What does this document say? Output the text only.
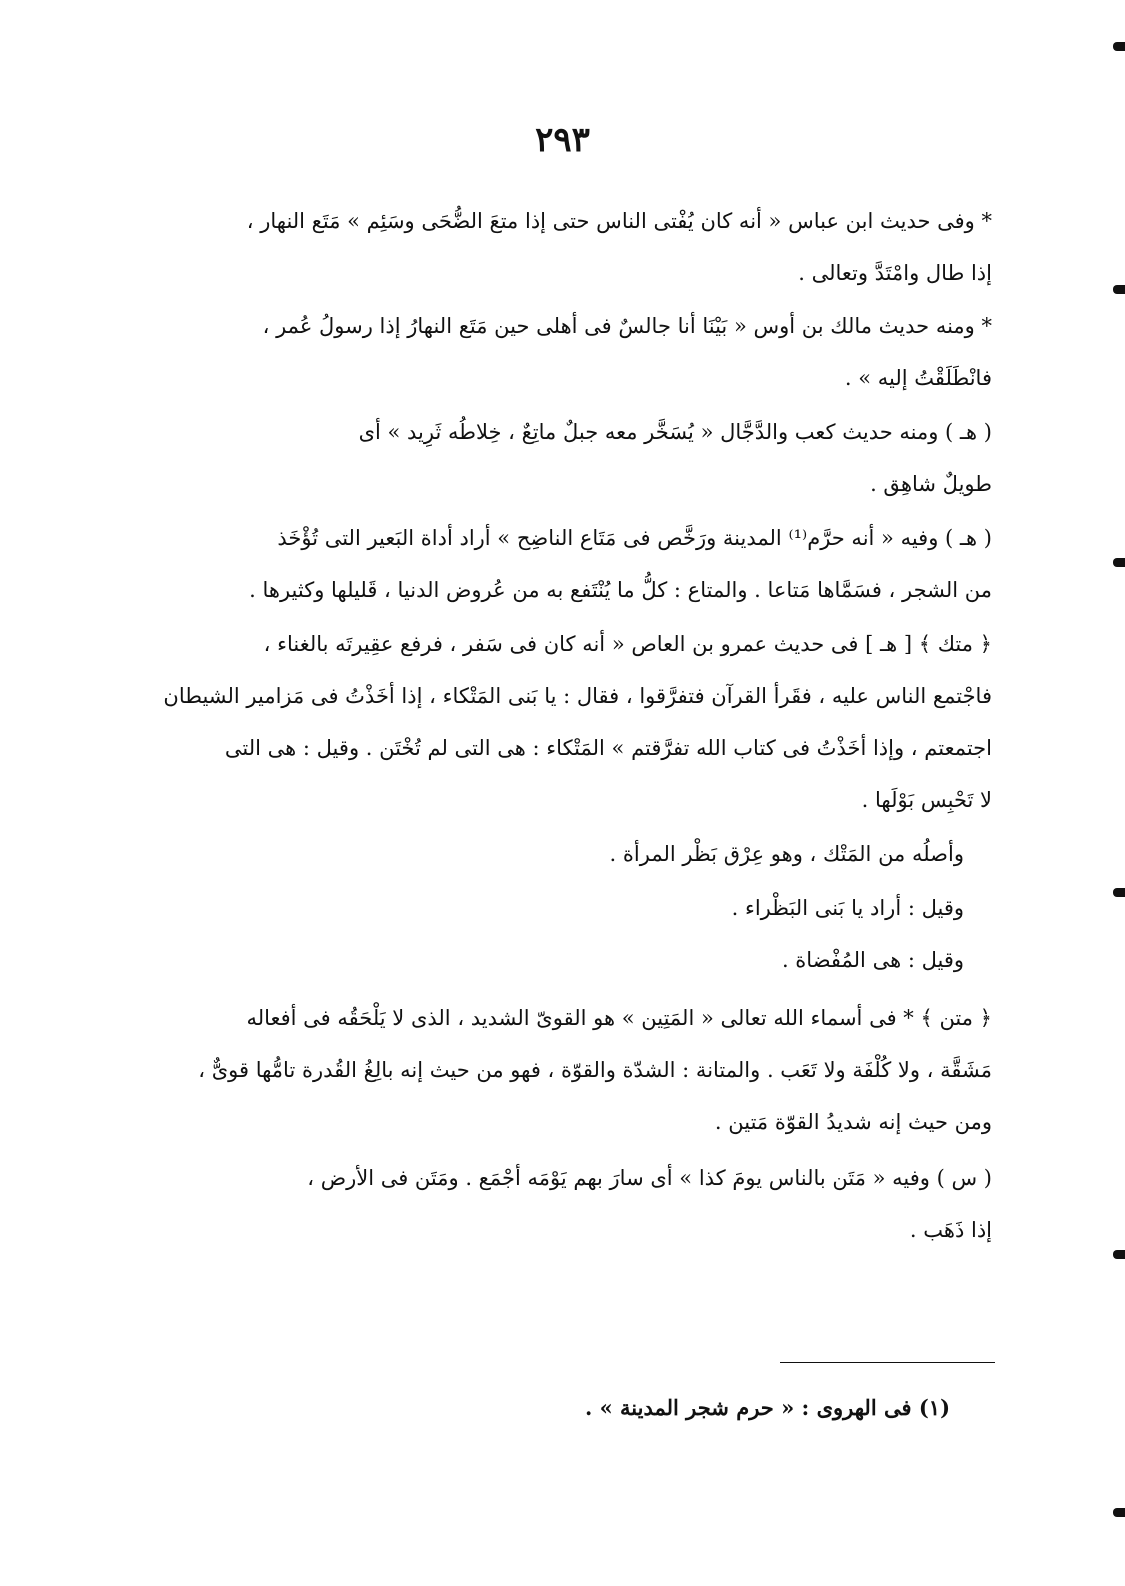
٢٩٣

* وفى حديث ابن عباس « أنه كان يُفْتى الناس حتى إذا متعَ الضُّحَى وسَئِم » مَتَع النهار ،

إذا طال وامْتَدَّ وتعالى .

* ومنه حديث مالك بن أوس « بَيْنَا أنا جالسٌ فى أهلى حين مَتَع النهارُ إذا رسولُ عُمر ،

فانْطَلَقْتُ إليه » .

( هـ ) ومنه حديث كعب والدَّجَّال « يُسَخَّر معه جبلٌ ماتِعٌ ، خِلاطُه ثَرِيد » أى

طويلٌ شاهِق .

( هـ ) وفيه « أنه حرَّم⁽¹⁾ المدينة ورَخَّص فى مَتَاع الناضِح » أراد أداة البَعير التى تُؤْخَذ

من الشجر ، فسَمَّاها مَتاعا . والمتاع : كلُّ ما يُنْتَفع به من عُروض الدنيا ، قَليلها وكثيرها .

﴿ متك ﴾ [ هـ ] فى حديث عمرو بن العاص « أنه كان فى سَفر ، فرفع عقِيرتَه بالغناء ،

فاجْتمع الناس عليه ، فقَرأ القرآن فتفرَّقوا ، فقال : يا بَنى المَتْكاء ، إذا أخَذْتُ فى مَزامير الشيطان

اجتمعتم ، وإذا أخَذْتُ فى كتاب الله تفرَّقتم » المَتْكاء : هى التى لم تُخْتَن . وقيل : هى التى

لا تَحْبِس بَوْلَها .

وأصلُه من المَتْك ، وهو عِرْق بَظْر المرأة .

وقيل : أراد يا بَنى البَظْراء .

وقيل : هى المُفْضاة .

﴿ متن ﴾ * فى أسماء الله تعالى « المَتِين » هو القوىّ الشديد ، الذى لا يَلْحَقُه فى أفعاله

مَشَقَّة ، ولا كُلْفَة ولا تَعَب . والمتانة : الشدّة والقوّة ، فهو من حيث إنه بالِغُ القُدرة تامُّها قوىٌّ ،

ومن حيث إنه شديدُ القوّة مَتين .

( س ) وفيه « مَتَن بالناس يومَ كذا » أى سارَ بهم يَوْمَه أجْمَع . ومَتَن فى الأرض ،

إذا ذَهَب .

(١) فى الهروى : « حرم شجر المدينة » .
